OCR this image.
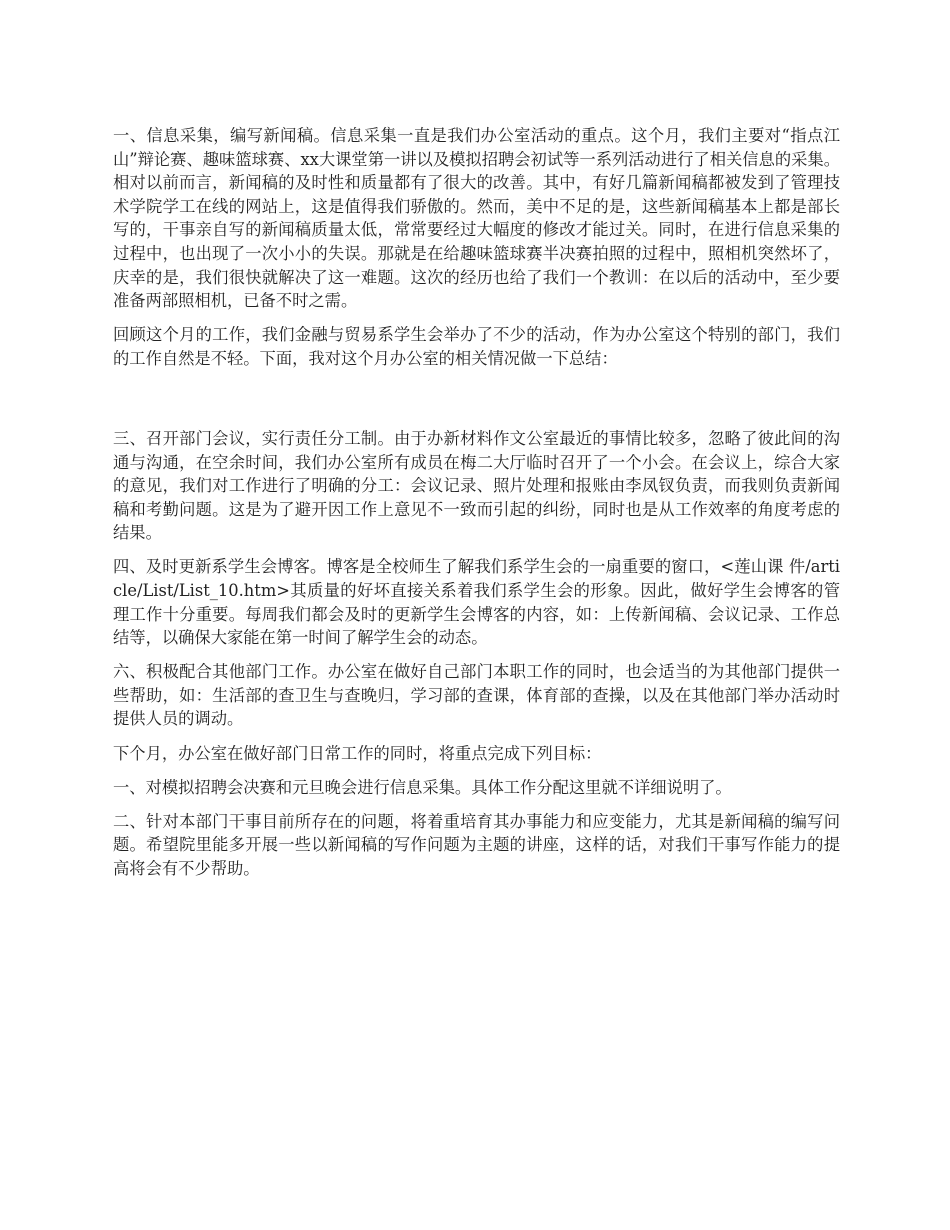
一、信息采集，编写新闻稿。信息采集一直是我们办公室活动的重点。这个月，我们主要对“指点江山”辩论赛、趣味篮球赛、xx大课堂第一讲以及模拟招聘会初试等一系列活动进行了相关信息的采集。相对以前而言，新闻稿的及时性和质量都有了很大的改善。其中，有好几篇新闻稿都被发到了管理技术学院学工在线的网站上，这是值得我们骄傲的。然而，美中不足的是，这些新闻稿基本上都是部长写的，干事亲自写的新闻稿质量太低，常常要经过大幅度的修改才能过关。同时，在进行信息采集的过程中，也出现了一次小小的失误。那就是在给趣味篮球赛半决赛拍照的过程中，照相机突然坏了，庆幸的是，我们很快就解决了这一难题。这次的经历也给了我们一个教训：在以后的活动中，至少要准备两部照相机，已备不时之需。

回顾这个月的工作，我们金融与贸易系学生会举办了不少的活动，作为办公室这个特别的部门，我们的工作自然是不轻。下面，我对这个月办公室的相关情况做一下总结：

三、召开部门会议，实行责任分工制。由于办新材料作文公室最近的事情比较多，忽略了彼此间的沟通与沟通，在空余时间，我们办公室所有成员在梅二大厅临时召开了一个小会。在会议上，综合大家的意见，我们对工作进行了明确的分工：会议记录、照片处理和报账由李凤钗负责，而我则负责新闻稿和考勤问题。这是为了避开因工作上意见不一致而引起的纠纷，同时也是从工作效率的角度考虑的结果。

四、及时更新系学生会博客。博客是全校师生了解我们系学生会的一扇重要的窗口，<莲山课 件/article/List/List_10.htm>其质量的好坏直接关系着我们系学生会的形象。因此，做好学生会博客的管理工作十分重要。每周我们都会及时的更新学生会博客的内容，如：上传新闻稿、会议记录、工作总结等，以确保大家能在第一时间了解学生会的动态。

六、积极配合其他部门工作。办公室在做好自己部门本职工作的同时，也会适当的为其他部门提供一些帮助，如：生活部的查卫生与查晚归，学习部的查课，体育部的查操，以及在其他部门举办活动时提供人员的调动。

下个月，办公室在做好部门日常工作的同时，将重点完成下列目标：

一、对模拟招聘会决赛和元旦晚会进行信息采集。具体工作分配这里就不详细说明了。

二、针对本部门干事目前所存在的问题，将着重培育其办事能力和应变能力，尤其是新闻稿的编写问题。希望院里能多开展一些以新闻稿的写作问题为主题的讲座，这样的话，对我们干事写作能力的提高将会有不少帮助。
